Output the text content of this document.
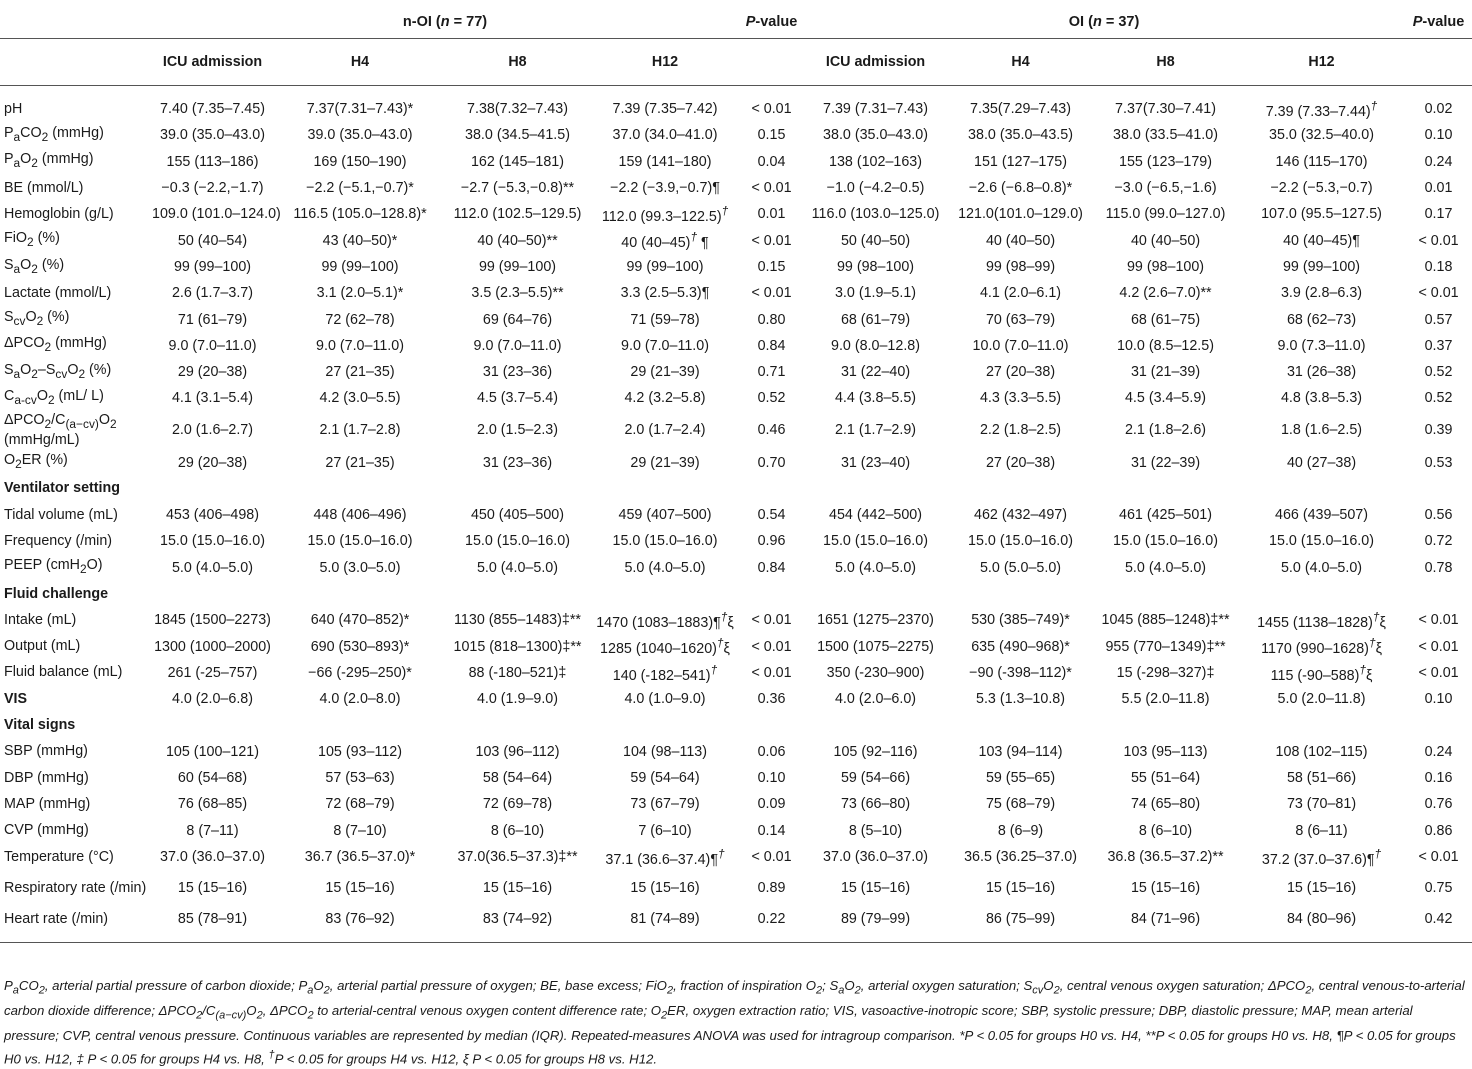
	n-OI (n = 77)				P-value	OI (n = 37)				P-value
	ICU admission	H4	H8	H12		ICU admission	H4	H8	H12	
pH	7.40 (7.35–7.45)	7.37(7.31–7.43)*	7.38(7.32–7.43)	7.39 (7.35–7.42)	< 0.01	7.39 (7.31–7.43)	7.35(7.29–7.43)	7.37(7.30–7.41)	7.39 (7.33–7.44)†	0.02
$P_aCO_2$ (mmHg)	39.0 (35.0–43.0)	39.0 (35.0–43.0)	38.0 (34.5–41.5)	37.0 (34.0–41.0)	0.15	38.0 (35.0–43.0)	38.0 (35.0–43.5)	38.0 (33.5–41.0)	35.0 (32.5–40.0)	0.10
$P_aO_2$ (mmHg)	155 (113–186)	169 (150–190)	162 (145–181)	159 (141–180)	0.04	138 (102–163)	151 (127–175)	155 (123–179)	146 (115–170)	0.24
BE (mmol/L)	−0.3 (−2.2,−1.7)	−2.2 (−5.1,−0.7)*	−2.7 (−5.3,−0.8)**	−2.2 (−3.9,−0.7)¶	< 0.01	−1.0 (−4.2–0.5)	−2.6 (−6.8–0.8)*	−3.0 (−6.5,−1.6)	−2.2 (−5.3,−0.7)	0.01
Hemoglobin (g/L)	109.0 (101.0–124.0)	116.5 (105.0–128.8)*	112.0 (102.5–129.5)	112.0 (99.3–122.5)†	0.01	116.0 (103.0–125.0)	121.0(101.0–129.0)	115.0 (99.0–127.0)	107.0 (95.5–127.5)	0.17
FiO$_2$ (%)	50 (40–54)	43 (40–50)*	40 (40–50)**	40 (40–45)† ¶	< 0.01	50 (40–50)	40 (40–50)	40 (40–50)	40 (40–45)¶	< 0.01
$S_aO_2$ (%)	99 (99–100)	99 (99–100)	99 (99–100)	99 (99–100)	0.15	99 (98–100)	99 (98–99)	99 (98–100)	99 (99–100)	0.18
Lactate (mmol/L)	2.6 (1.7–3.7)	3.1 (2.0–5.1)*	3.5 (2.3–5.5)**	3.3 (2.5–5.3)¶	< 0.01	3.0 (1.9–5.1)	4.1 (2.0–6.1)	4.2 (2.6–7.0)**	3.9 (2.8–6.3)	< 0.01
$S_{cv}O_2$ (%)	71 (61–79)	72 (62–78)	69 (64–76)	71 (59–78)	0.80	68 (61–79)	70 (63–79)	68 (61–75)	68 (62–73)	0.57
$\Delta PCO_2$ (mmHg)	9.0 (7.0–11.0)	9.0 (7.0–11.0)	9.0 (7.0–11.0)	9.0 (7.0–11.0)	0.84	9.0 (8.0–12.8)	10.0 (7.0–11.0)	10.0 (8.5–12.5)	9.0 (7.3–11.0)	0.37
$S_aO_2-S_{cv}O_2$ (%)	29 (20–38)	27 (21–35)	31 (23–36)	29 (21–39)	0.71	31 (22–40)	27 (20–38)	31 (21–39)	31 (26–38)	0.52
$C_{a-cv}O_2$ (mL/ L)	4.1 (3.1–5.4)	4.2 (3.0–5.5)	4.5 (3.7–5.4)	4.2 (3.2–5.8)	0.52	4.4 (3.8–5.5)	4.3 (3.3–5.5)	4.5 (3.4–5.9)	4.8 (3.8–5.3)	0.52
$\Delta PCO_2/C_{(a-cv)}O_2$ (mmHg/mL)	2.0 (1.6–2.7)	2.1 (1.7–2.8)	2.0 (1.5–2.3)	2.0 (1.7–2.4)	0.46	2.1 (1.7–2.9)	2.2 (1.8–2.5)	2.1 (1.8–2.6)	1.8 (1.6–2.5)	0.39
$O_2ER$ (%)	29 (20–38)	27 (21–35)	31 (23–36)	29 (21–39)	0.70	31 (23–40)	27 (20–38)	31 (22–39)	40 (27–38)	0.53
Ventilator setting										
Tidal volume (mL)	453 (406–498)	448 (406–496)	450 (405–500)	459 (407–500)	0.54	454 (442–500)	462 (432–497)	461 (425–501)	466 (439–507)	0.56
Frequency (/min)	15.0 (15.0–16.0)	15.0 (15.0–16.0)	15.0 (15.0–16.0)	15.0 (15.0–16.0)	0.96	15.0 (15.0–16.0)	15.0 (15.0–16.0)	15.0 (15.0–16.0)	15.0 (15.0–16.0)	0.72
PEEP (cmH$_2$O)	5.0 (4.0–5.0)	5.0 (3.0–5.0)	5.0 (4.0–5.0)	5.0 (4.0–5.0)	0.84	5.0 (4.0–5.0)	5.0 (5.0–5.0)	5.0 (4.0–5.0)	5.0 (4.0–5.0)	0.78
Fluid challenge										
Intake (mL)	1845 (1500–2273)	640 (470–852)*	1130 (855–1483)‡**	1470 (1083–1883)¶†ξ	< 0.01	1651 (1275–2370)	530 (385–749)*	1045 (885–1248)‡**	1455 (1138–1828)†ξ	< 0.01
Output (mL)	1300 (1000–2000)	690 (530–893)*	1015 (818–1300)‡**	1285 (1040–1620)†ξ	< 0.01	1500 (1075–2275)	635 (490–968)*	955 (770–1349)‡**	1170 (990–1628)†ξ	< 0.01
Fluid balance (mL)	261 (-25–757)	−66 (-295–250)*	88 (-180–521)‡	140 (-182–541)†	< 0.01	350 (-230–900)	−90 (-398–112)*	15 (-298–327)‡	115 (-90–588)†ξ	< 0.01
VIS	4.0 (2.0–6.8)	4.0 (2.0–8.0)	4.0 (1.9–9.0)	4.0 (1.0–9.0)	0.36	4.0 (2.0–6.0)	5.3 (1.3–10.8)	5.5 (2.0–11.8)	5.0 (2.0–11.8)	0.10
Vital signs										
SBP (mmHg)	105 (100–121)	105 (93–112)	103 (96–112)	104 (98–113)	0.06	105 (92–116)	103 (94–114)	103 (95–113)	108 (102–115)	0.24
DBP (mmHg)	60 (54–68)	57 (53–63)	58 (54–64)	59 (54–64)	0.10	59 (54–66)	59 (55–65)	55 (51–64)	58 (51–66)	0.16
MAP (mmHg)	76 (68–85)	72 (68–79)	72 (69–78)	73 (67–79)	0.09	73 (66–80)	75 (68–79)	74 (65–80)	73 (70–81)	0.76
CVP (mmHg)	8 (7–11)	8 (7–10)	8 (6–10)	7 (6–10)	0.14	8 (5–10)	8 (6–9)	8 (6–10)	8 (6–11)	0.86
Temperature (°C)	37.0 (36.0–37.0)	36.7 (36.5–37.0)*	37.0(36.5–37.3)‡**	37.1 (36.6–37.4)¶†	< 0.01	37.0 (36.0–37.0)	36.5 (36.25–37.0)	36.8 (36.5–37.2)**	37.2 (37.0–37.6)¶†	< 0.01
Respiratory rate (/min)	15 (15–16)	15 (15–16)	15 (15–16)	15 (15–16)	0.89	15 (15–16)	15 (15–16)	15 (15–16)	15 (15–16)	0.75
Heart rate (/min)	85 (78–91)	83 (76–92)	83 (74–92)	81 (74–89)	0.22	89 (79–99)	86 (75–99)	84 (71–96)	84 (80–96)	0.42
$P_aCO_2$, arterial partial pressure of carbon dioxide; $P_aO_2$, arterial partial pressure of oxygen; BE, base excess; FiO$_2$, fraction of inspiration $O_2$; $S_aO_2$, arterial oxygen saturation; $S_{cv}O_2$, central venous oxygen saturation; $\Delta PCO_2$, central venous-to-arterial carbon dioxide difference; $\Delta PCO_2/C_{(a-cv)}O_2$, $\Delta PCO_2$ to arterial-central venous oxygen content difference rate; $O_2ER$, oxygen extraction ratio; VIS, vasoactive-inotropic score; SBP, systolic pressure; DBP, diastolic pressure; MAP, mean arterial pressure; CVP, central venous pressure. Continuous variables are represented by median (IQR). Repeated-measures ANOVA was used for intragroup comparison. *P < 0.05 for groups H0 vs. H4, **P < 0.05 for groups H0 vs. H8, ¶P < 0.05 for groups H0 vs. H12, ‡ P < 0.05 for groups H4 vs. H8, †P < 0.05 for groups H4 vs. H12, ξ P < 0.05 for groups H8 vs. H12.
